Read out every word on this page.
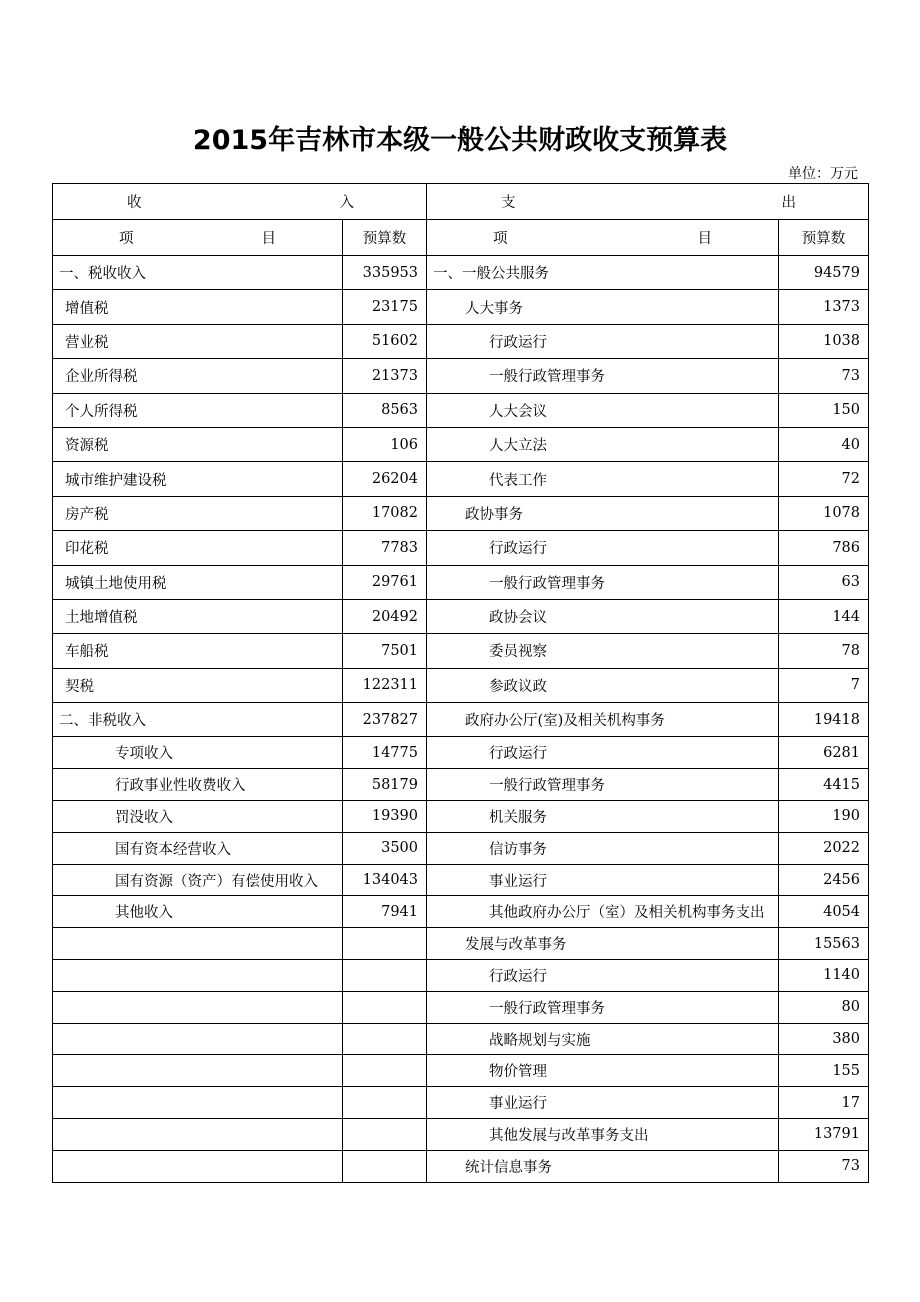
2015年吉林市本级一般公共财政收支预算表
单位：万元
收 入		支 出	

项 目	预算数	项 目	预算数
一、税收收入	335953	一、一般公共服务	94579
增值税	23175	人大事务	1373
营业税	51602	行政运行	1038
企业所得税	21373	一般行政管理事务	73
个人所得税	8563	人大会议	150
资源税	106	人大立法	40
城市维护建设税	26204	代表工作	72
房产税	17082	政协事务	1078
印花税	7783	行政运行	786
城镇土地使用税	29761	一般行政管理事务	63
土地增值税	20492	政协会议	144
车船税	7501	委员视察	78
契税	122311	参政议政	7
二、非税收入	237827	政府办公厅(室)及相关机构事务	19418
专项收入	14775	行政运行	6281
行政事业性收费收入	58179	一般行政管理事务	4415
罚没收入	19390	机关服务	190
国有资本经营收入	3500	信访事务	2022
国有资源（资产）有偿使用收入	134043	事业运行	2456
其他收入	7941	其他政府办公厅（室）及相关机构事务支出	4054
		发展与改革事务	15563
		行政运行	1140
		一般行政管理事务	80
		战略规划与实施	380
		物价管理	155
		事业运行	17
		其他发展与改革事务支出	13791
		统计信息事务	73
